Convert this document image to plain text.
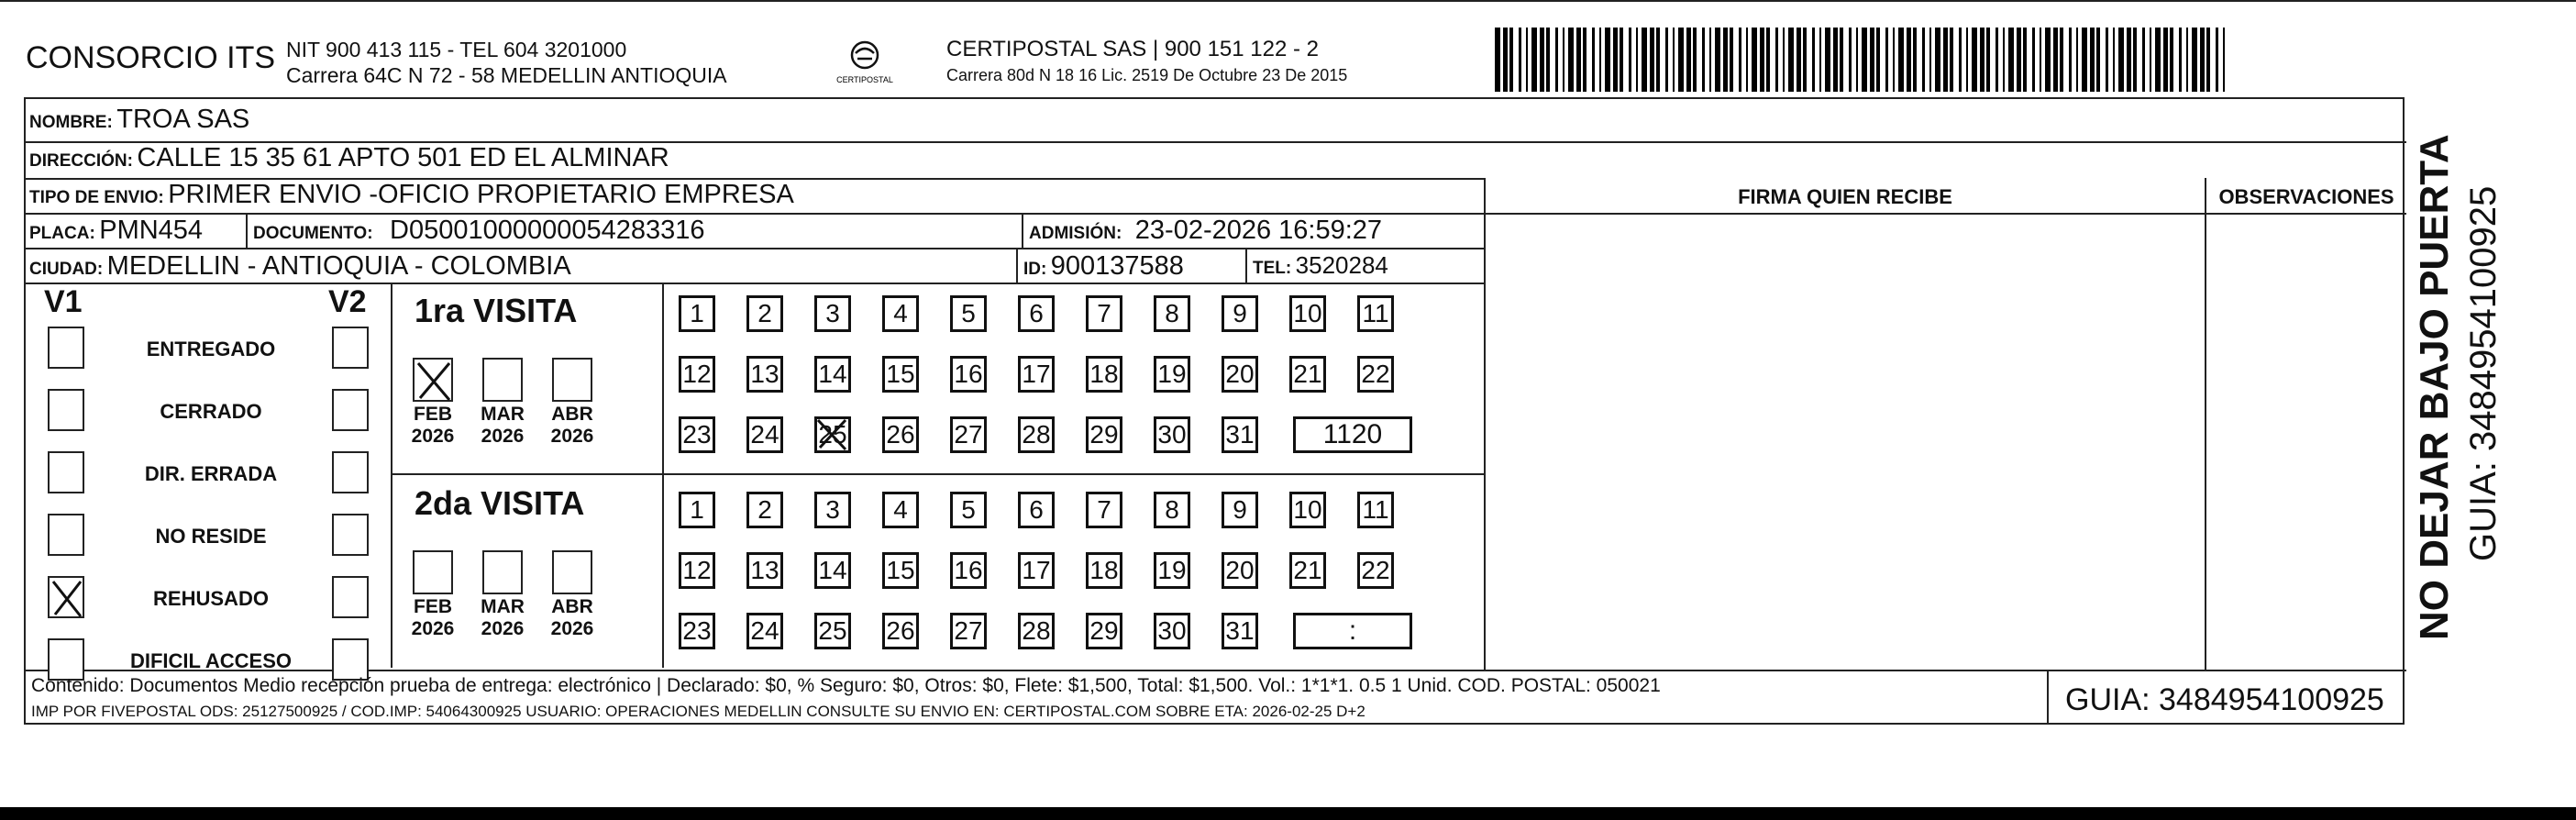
CONSORCIO ITS NIT 900 413 115 - TEL 604 3201000
Carrera 64C N 72 - 58 MEDELLIN ANTIOQUIA	CERTIPOSTAL
CERTIPOSTAL SAS | 900 151 122 - 2
Carrera 80d N 18 16 Lic. 2519 De Octubre 23 De 2015
NOMBRE: TROA SAS
DIRECCIÓN: CALLE 15 35 61 APTO 501 ED EL ALMINAR
TIPO DE ENVIO: PRIMER ENVIO -OFICIO PROPIETARIO EMPRESA	FIRMA QUIEN RECIBE	OBSERVACIONES
PLACA: PMN454	DOCUMENTO: D05001000000054283316	ADMISIÓN: 23-02-2026 16:59:27
CIUDAD: MEDELLIN - ANTIOQUIA - COLOMBIA	ID: 900137588	TEL: 3520284
V1	V2
ENTREGADO
CERRADO
DIR. ERRADA
NO RESIDE
REHUSADO
DIFICIL ACCESO
1ra VISITA
2da VISITA
FEB
2026
MAR
2026
ABR
2026
FEB
2026
MAR
2026
ABR
2026
1	2	3	4	5	6	7	8	9	10 11
12 13 14 15 16 17 18 19 20 21 22
23 24 25 26 27 28 29 30 31	1120
1	2	3	4	5	6	7	8	9	10 11
12 13 14 15 16 17 18 19 20 21 22
23 24 25 26 27 28 29 30 31	:
Contenido: Documentos Medio recepción prueba de entrega: electrónico | Declarado: $0, % Seguro: $0, Otros: $0, Flete: $1,500, Total: $1,500. Vol.: 1*1*1. 0.5 1 Unid. COD. POSTAL: 050021
IMP POR FIVEPOSTAL ODS: 25127500925 / COD.IMP: 54064300925 USUARIO: OPERACIONES MEDELLIN CONSULTE SU ENVIO EN: CERTIPOSTAL.COM SOBRE ETA: 2026-02-25 D+2	GUIA: 3484954100925
NO DEJAR BAJO PUERTA GUIA: 3484954100925
